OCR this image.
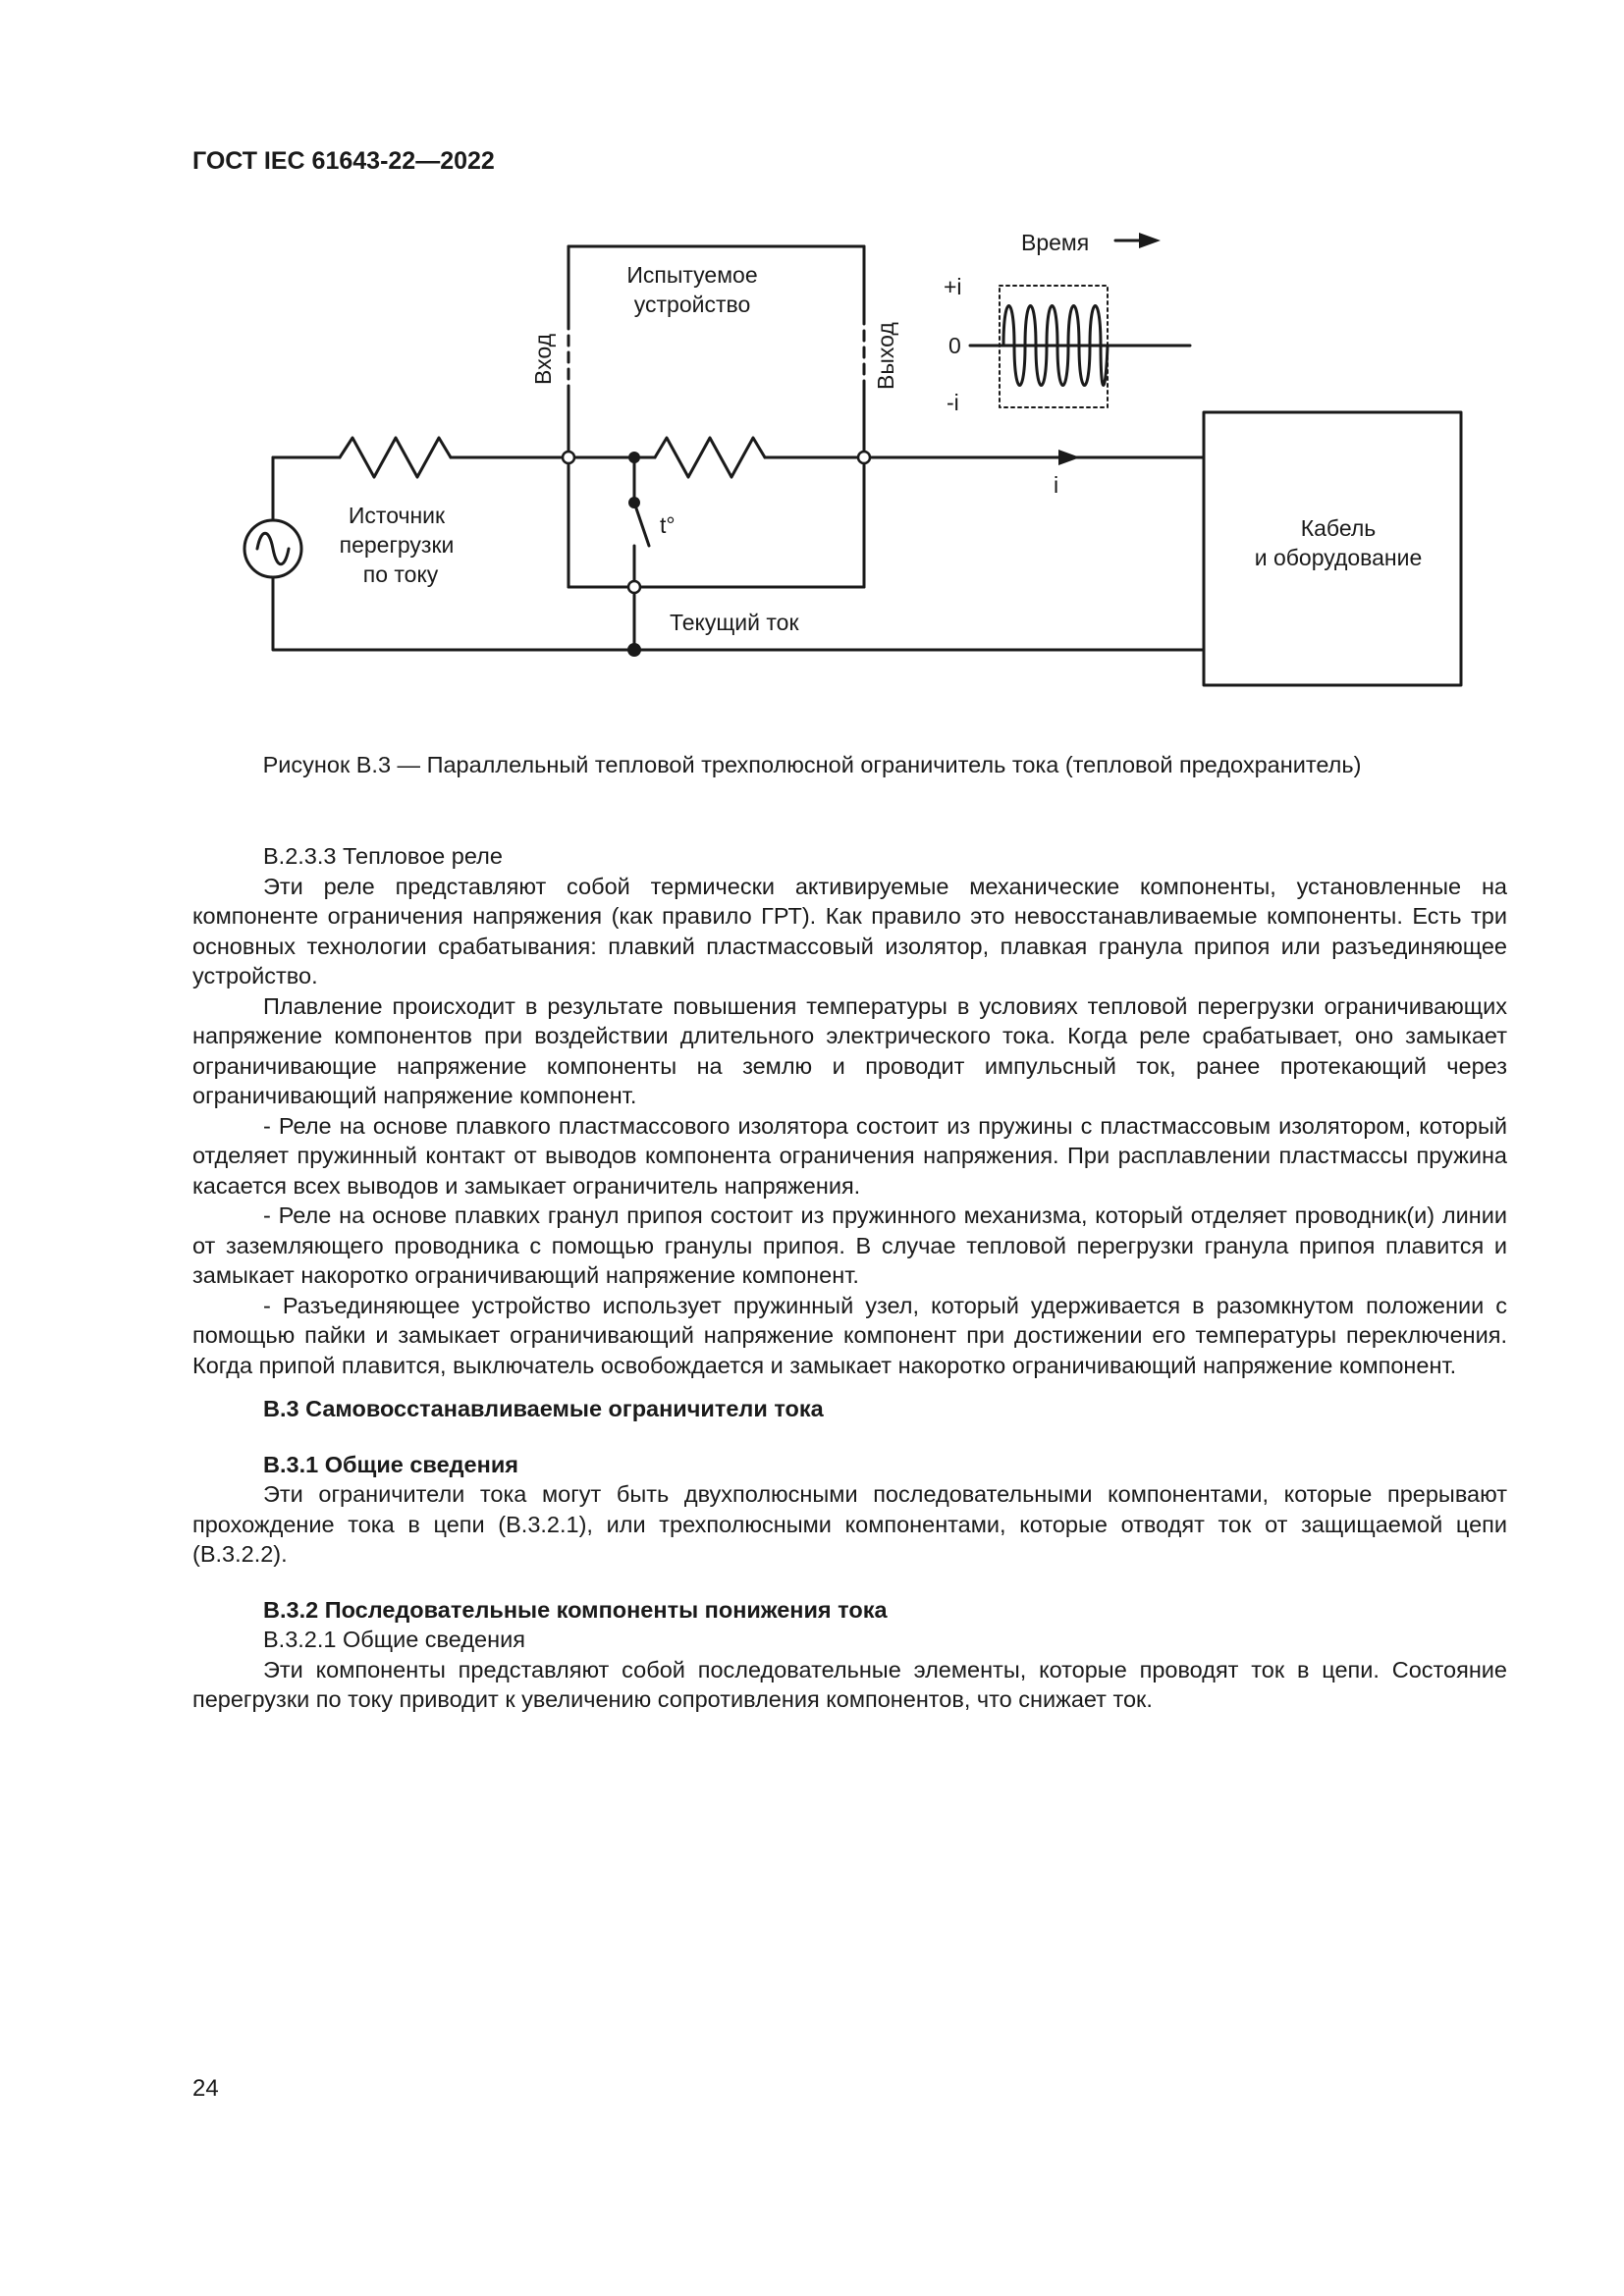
ГОСТ IEC 61643-22—2022
Испытуемое
устройство
Вход	Выход
Время
+i
0
-i
i
t°
Источник
перегрузки
по току
Кабель
и оборудование
Текущий ток
Рисунок В.3 — Параллельный тепловой трехполюсной ограничитель тока (тепловой предохранитель)

В.2.3.3 Тепловое реле

Эти реле представляют собой термически активируемые механические компоненты, установленные на компоненте ограничения напряжения (как правило ГРТ). Как правило это невосстанавливаемые компоненты. Есть три основных технологии срабатывания: плавкий пластмассовый изолятор, плавкая гранула припоя или разъединяющее устройство.

Плавление происходит в результате повышения температуры в условиях тепловой перегрузки ограничивающих напряжение компонентов при воздействии длительного электрического тока. Когда реле срабатывает, оно замыкает ограничивающие напряжение компоненты на землю и проводит импульсный ток, ранее протекающий через ограничивающий напряжение компонент.

- Реле на основе плавкого пластмассового изолятора состоит из пружины с пластмассовым изолятором, который отделяет пружинный контакт от выводов компонента ограничения напряжения. При расплавлении пластмассы пружина касается всех выводов и замыкает ограничитель напряжения.

- Реле на основе плавких гранул припоя состоит из пружинного механизма, который отделяет проводник(и) линии от заземляющего проводника с помощью гранулы припоя. В случае тепловой перегрузки гранула припоя плавится и замыкает накоротко ограничивающий напряжение компонент.

- Разъединяющее устройство использует пружинный узел, который удерживается в разомкнутом положении с помощью пайки и замыкает ограничивающий напряжение компонент при достижении его температуры переключения. Когда припой плавится, выключатель освобождается и замыкает накоротко ограничивающий напряжение компонент.

В.3 Самовосстанавливаемые ограничители тока

В.3.1 Общие сведения

Эти ограничители тока могут быть двухполюсными последовательными компонентами, которые прерывают прохождение тока в цепи (В.3.2.1), или трехполюсными компонентами, которые отводят ток от защищаемой цепи (В.3.2.2).

В.3.2 Последовательные компоненты понижения тока

В.3.2.1 Общие сведения

Эти компоненты представляют собой последовательные элементы, которые проводят ток в цепи. Состояние перегрузки по току приводит к увеличению сопротивления компонентов, что снижает ток.

24
